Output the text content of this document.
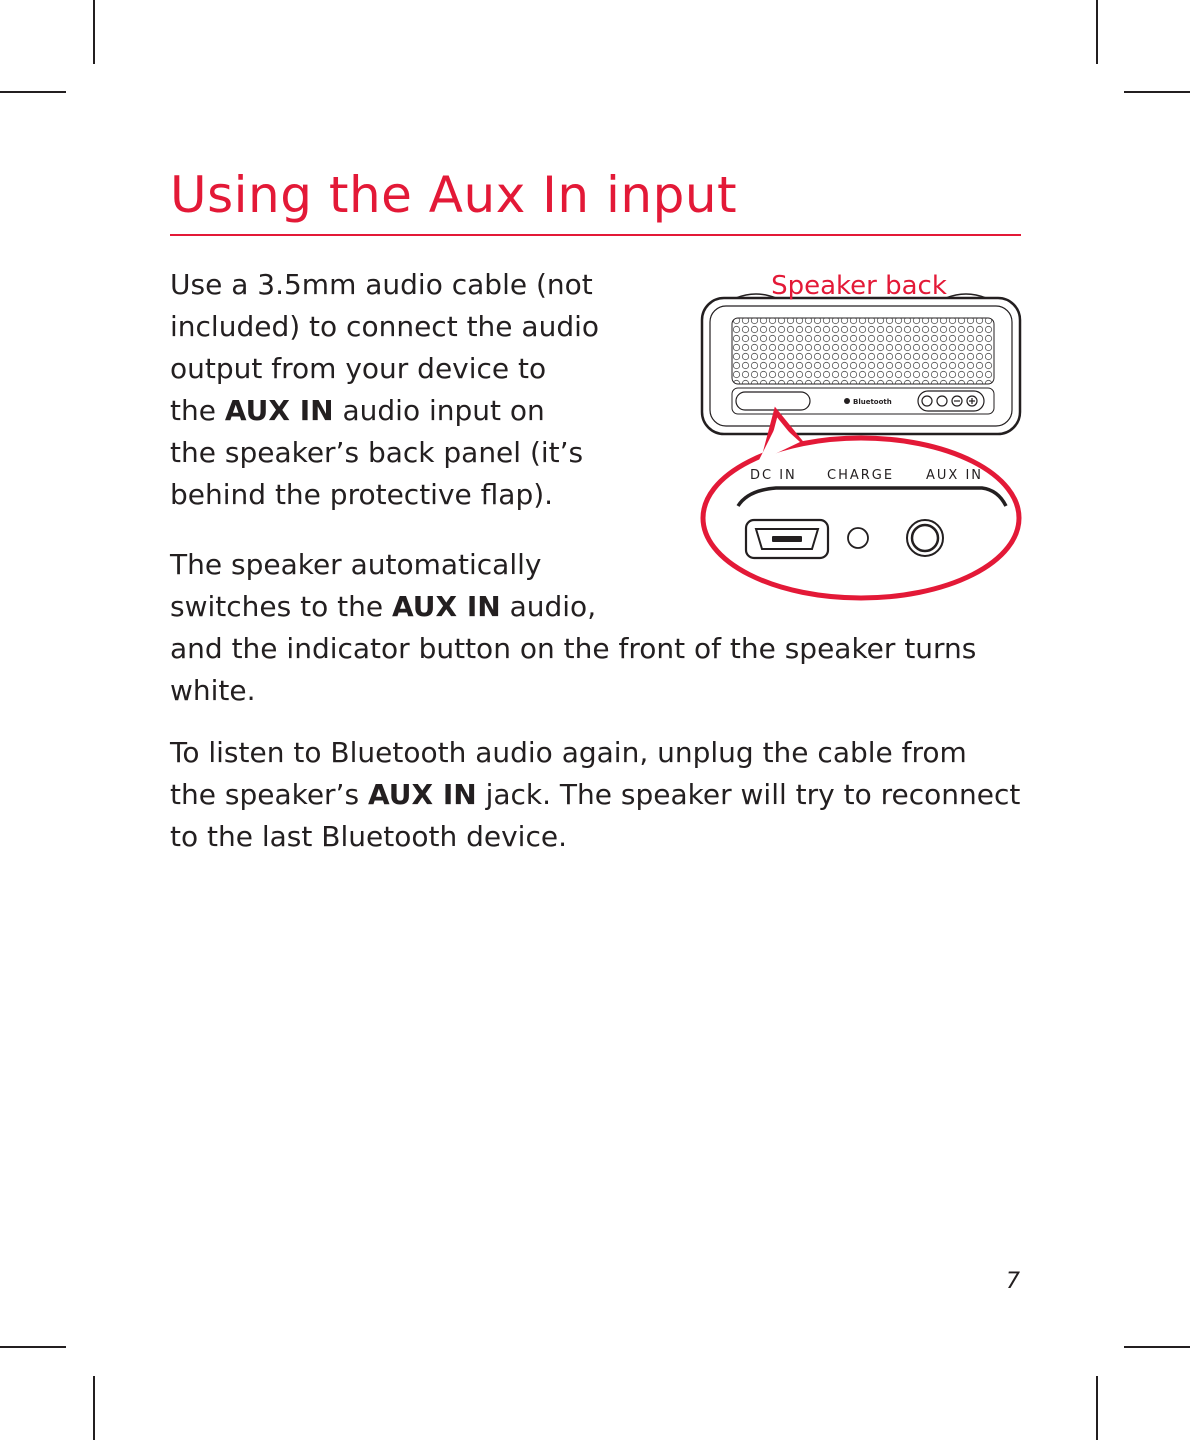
Using the Aux In input

Use a 3.5mm audio cable (not
included) to connect the audio
output from your device to
the AUX IN audio input on
the speaker’s back panel (it’s
behind the protective flap).

The speaker automatically
switches to the AUX IN audio,
and the indicator button on the front of the speaker turns
white.

To listen to Bluetooth audio again, unplug the cable from
the speaker’s AUX IN jack. The speaker will try to reconnect
to the last Bluetooth device.

Bluetooth
Speaker back
DC IN CHARGE AUX IN
7
